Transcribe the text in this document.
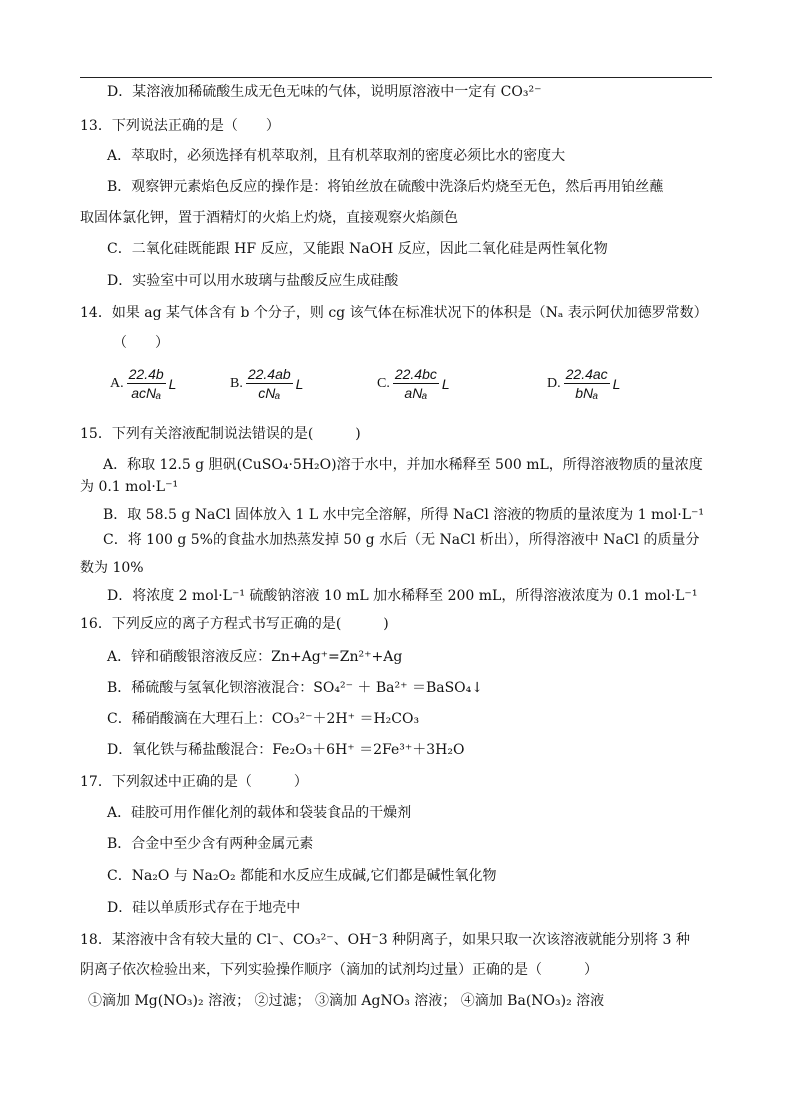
D．某溶液加稀硫酸生成无色无味的气体，说明原溶液中一定有 CO₃²⁻
13．下列说法正确的是（　　）
A．萃取时，必须选择有机萃取剂，且有机萃取剂的密度必须比水的密度大
B．观察钾元素焰色反应的操作是：将铂丝放在硫酸中洗涤后灼烧至无色，然后再用铂丝蘸
取固体氯化钾，置于酒精灯的火焰上灼烧，直接观察火焰颜色
C．二氧化硅既能跟 HF 反应，又能跟 NaOH 反应，因此二氧化硅是两性氧化物
D．实验室中可以用水玻璃与盐酸反应生成硅酸
14．如果 ag 某气体含有 b 个分子，则 cg 该气体在标准状况下的体积是（Nₐ 表示阿伏加德罗常数）
（　　）
A. $\frac{22.4b}{\text{acNₐ}}$ L	B. $\frac{22.4ab}{\text{cNₐ}}$ L	C. $\frac{22.4bc}{\text{aNₐ}}$ L	D. $\frac{22.4ac}{\text{bNₐ}}$ L
15．下列有关溶液配制说法错误的是(　　　)
A．称取 12.5 g 胆矾(CuSO₄·5H₂O)溶于水中，并加水稀释至 500 mL，所得溶液物质的量浓度
为 0.1 mol·L⁻¹
B．取 58.5 g NaCl 固体放入 1 L 水中完全溶解，所得 NaCl 溶液的物质的量浓度为 1 mol·L⁻¹
C．将 100 g 5%的食盐水加热蒸发掉 50 g 水后（无 NaCl 析出），所得溶液中 NaCl 的质量分
数为 10%
D．将浓度 2 mol·L⁻¹ 硫酸钠溶液 10 mL 加水稀释至 200 mL，所得溶液浓度为 0.1 mol·L⁻¹
16．下列反应的离子方程式书写正确的是(　　　)
A．锌和硝酸银溶液反应：Zn+Ag⁺=Zn²⁺+Ag
B．稀硫酸与氢氧化钡溶液混合：SO₄²⁻ ＋ Ba²⁺ ＝BaSO₄↓
C．稀硝酸滴在大理石上：CO₃²⁻＋2H⁺ ＝H₂CO₃
D．氧化铁与稀盐酸混合：Fe₂O₃＋6H⁺ ＝2Fe³⁺＋3H₂O
17．下列叙述中正确的是（　　　）
A．硅胶可用作催化剂的载体和袋装食品的干燥剂
B．合金中至少含有两种金属元素
C．Na₂O 与 Na₂O₂ 都能和水反应生成碱,它们都是碱性氧化物
D．硅以单质形式存在于地壳中
18．某溶液中含有较大量的 Cl⁻、CO₃²⁻、OH⁻3 种阴离子，如果只取一次该溶液就能分别将 3 种
阴离子依次检验出来，下列实验操作顺序（滴加的试剂均过量）正确的是（　　　）
①滴加 Mg(NO₃)₂ 溶液； ②过滤； ③滴加 AgNO₃ 溶液； ④滴加 Ba(NO₃)₂ 溶液
